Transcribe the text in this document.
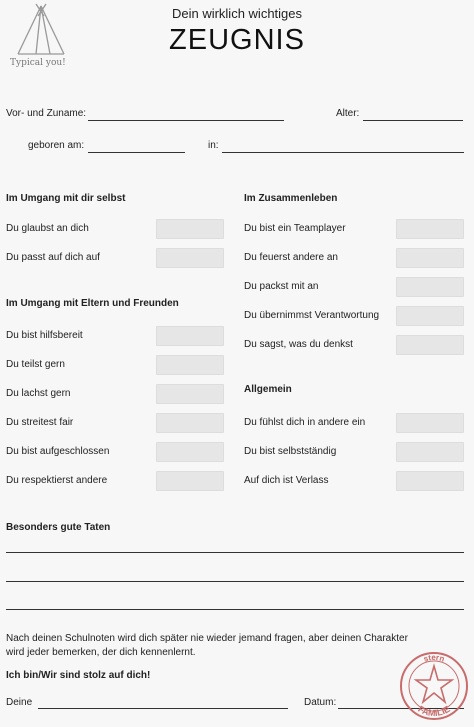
Typical you!
Dein wirklich wichtiges
ZEUGNIS
Vor- und Zuname:	Alter:
geboren am:	in:
Im Umgang mit dir selbst
Du glaubst an dich
Du passt auf dich auf
Im Umgang mit Eltern und Freunden
Du bist hilfsbereit
Du teilst gern
Du lachst gern
Du streitest fair
Du bist aufgeschlossen
Du respektierst andere
Im Zusammenleben
Du bist ein Teamplayer
Du feuerst andere an
Du packst mit an
Du übernimmst Verantwortung
Du sagst, was du denkst
Allgemein
Du fühlst dich in andere ein
Du bist selbstständig
Auf dich ist Verlass
Besonders gute Taten
Nach deinen Schulnoten wird dich später nie wieder jemand fragen, aber deinen Charakter
wird jeder bemerken, der dich kennenlernt.
Ich bin/Wir sind stolz auf dich!
Deine	Datum:
stern
FAMILIE
